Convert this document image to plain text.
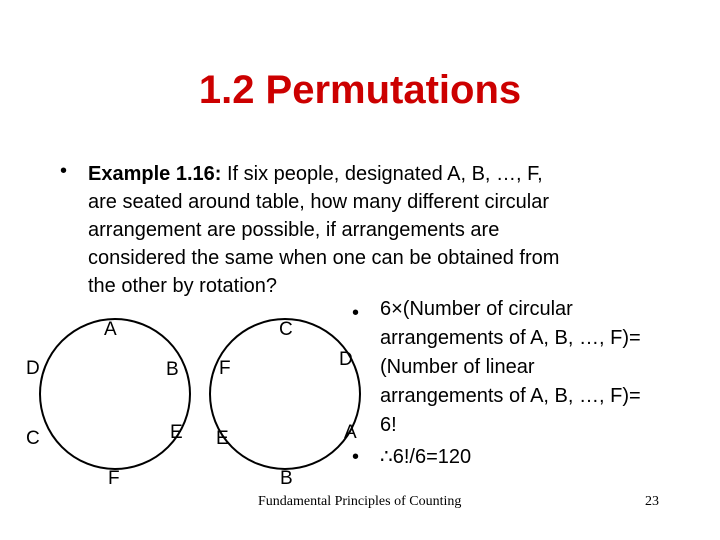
1.2 Permutations
• Example 1.16: If six people, designated A, B, …, F,
are seated around table, how many different circular
arrangement are possible, if arrangements are
considered the same when one can be obtained from
the other by rotation?
A
B
E
F
C
D
C
D
A
B
E
F
•
•
6×(Number of circular
arrangements of A, B, …, F)=
(Number of linear
arrangements of A, B, …, F)=
6!
∴6!/6=120
Fundamental Principles of Counting	23
